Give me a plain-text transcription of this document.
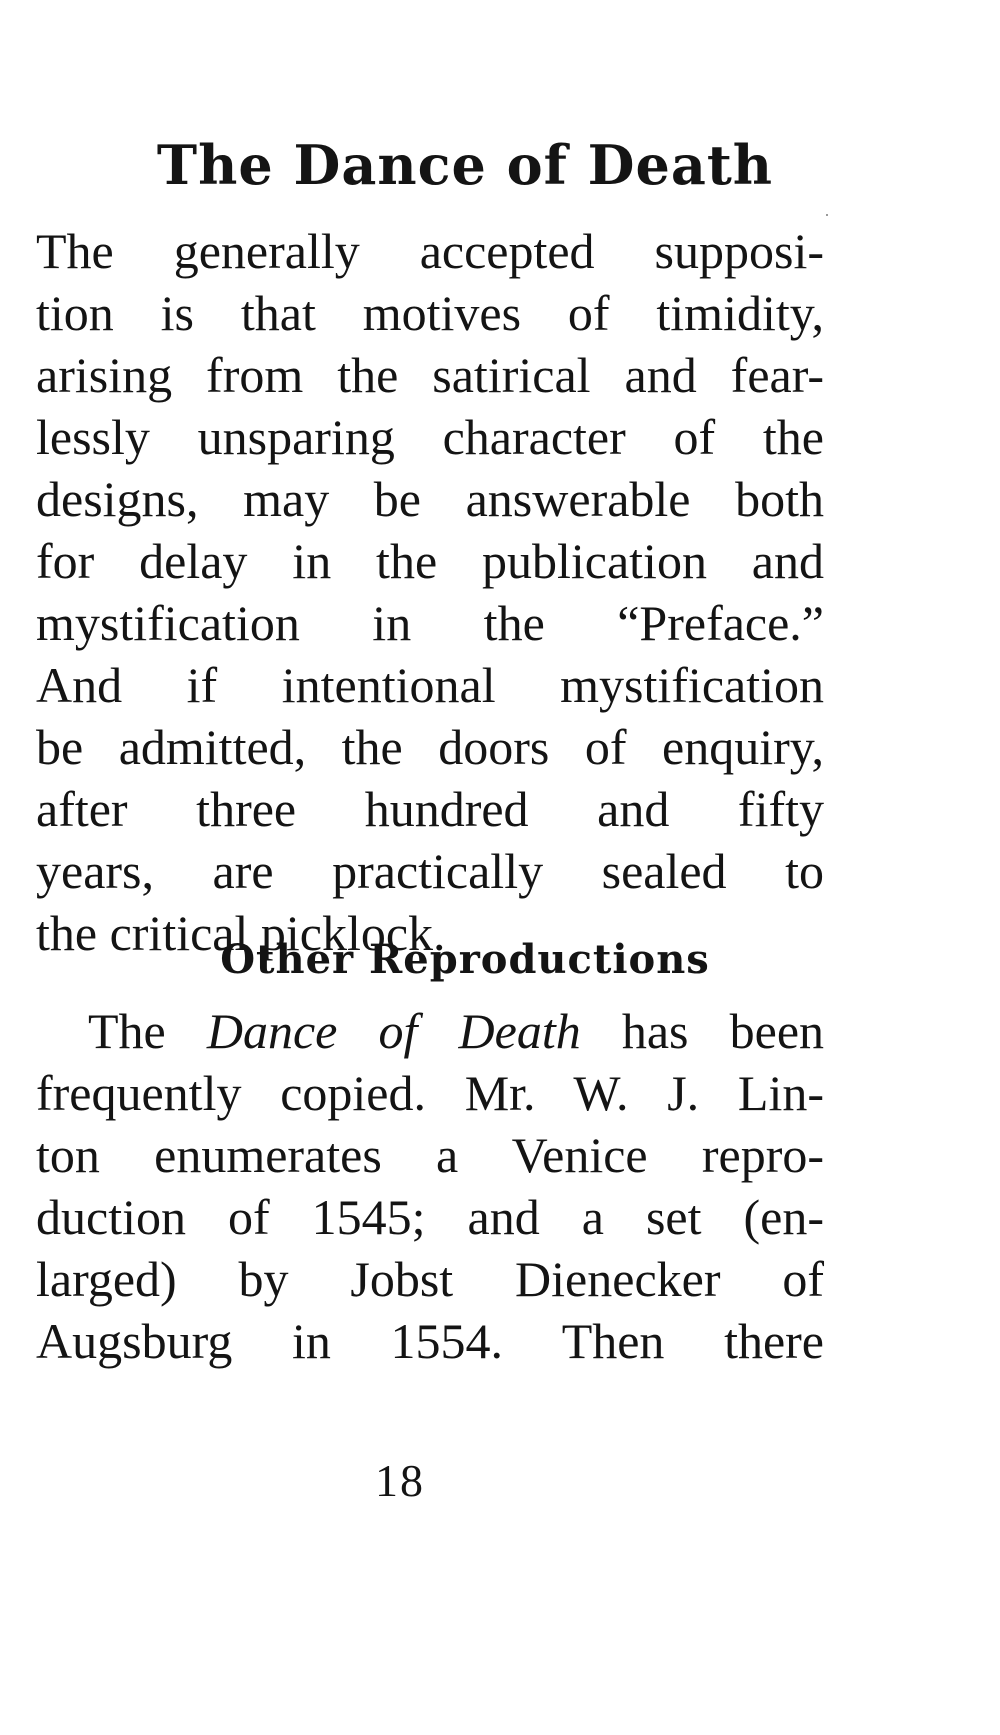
The Dance of Death
The generally accepted supposi-
tion is that motives of timidity,
arising from the satirical and fear-
lessly unsparing character of the
designs, may be answerable both
for delay in the publication and
mystification in the “Preface.”
And if intentional mystification
be admitted, the doors of enquiry,
after three hundred and fifty
years, are practically sealed to
the critical picklock.
Other Reproductions
The Dance of Death has been
frequently copied. Mr. W. J. Lin-
ton enumerates a Venice repro-
duction of 1545; and a set (en-
larged) by Jobst Dienecker of
Augsburg in 1554. Then there
18
